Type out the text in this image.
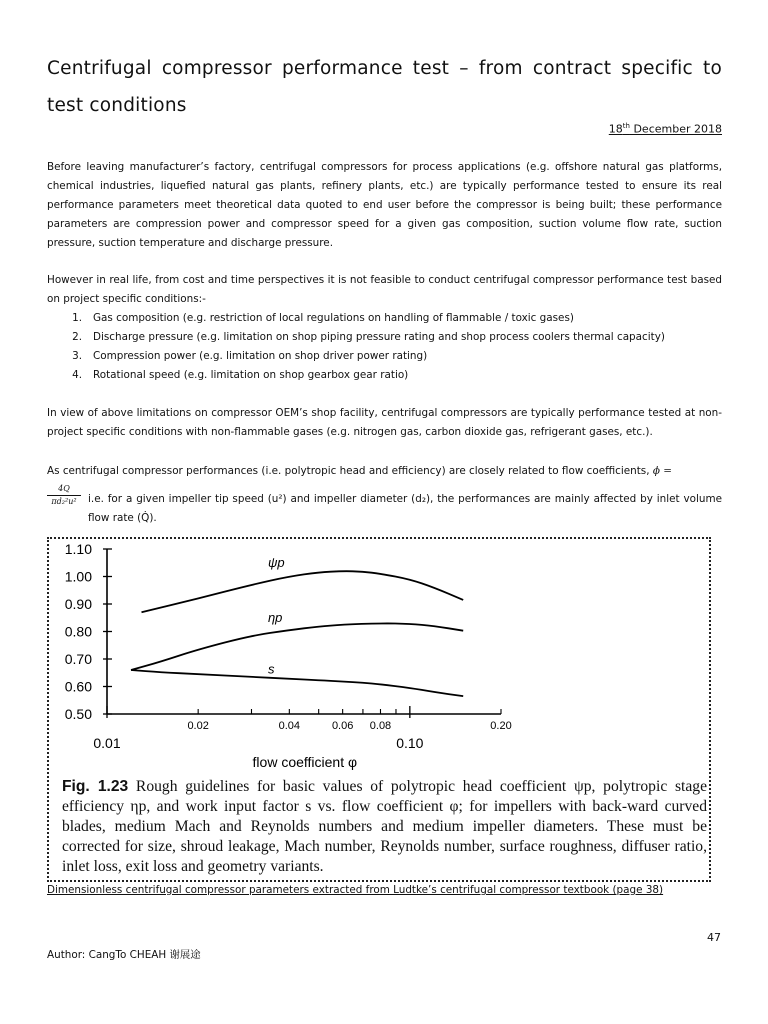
Centrifugal compressor performance test – from contract specific to test conditions
18th December 2018

Before leaving manufacturer’s factory, centrifugal compressors for process applications (e.g. offshore natural gas platforms, chemical industries, liquefied natural gas plants, refinery plants, etc.) are typically performance tested to ensure its real performance parameters meet theoretical data quoted to end user before the compressor is being built; these performance parameters are compression power and compressor speed for a given gas composition, suction volume flow rate, suction pressure, suction temperature and discharge pressure.

However in real life, from cost and time perspectives it is not feasible to conduct centrifugal compressor performance test based on project specific conditions:-

1.	Gas composition (e.g. restriction of local regulations on handling of flammable / toxic gases)
2.	Discharge pressure (e.g. limitation on shop piping pressure rating and shop process coolers thermal capacity)
3.	Compression power (e.g. limitation on shop driver power rating)
4.	Rotational speed (e.g. limitation on shop gearbox gear ratio)

In view of above limitations on compressor OEM’s shop facility, centrifugal compressors are typically performance tested at non-project specific conditions with non-flammable gases (e.g. nitrogen gas, carbon dioxide gas, refrigerant gases, etc.).

As centrifugal compressor performances (i.e. polytropic head and efficiency) are closely related to flow coefficients, ϕ =

4Q
πd₂²u²	i.e. for a given impeller tip speed (u²) and impeller diameter (d₂), the performances are mainly affected by inlet volume flow rate (Q̇).

1.10
1.00
0.90
0.80
0.70
0.60
0.50
0.02	0.04	0.06 0.08	0.20
0.01	0.10
flow coefficient φ
ψp
ηp
s
Fig. 1.23 Rough guidelines for basic values of polytropic head coefficient ψp, polytropic stage efficiency ηp, and work input factor s vs. flow coefficient φ; for impellers with back-ward curved blades, medium Mach and Reynolds numbers and medium impeller diameters. These must be corrected for size, shroud leakage, Mach number, Reynolds number, surface roughness, diffuser ratio, inlet loss, exit loss and geometry variants.
Dimensionless centrifugal compressor parameters extracted from Ludtke’s centrifugal compressor textbook (page 38)
47
Author: CangTo CHEAH 谢展途
